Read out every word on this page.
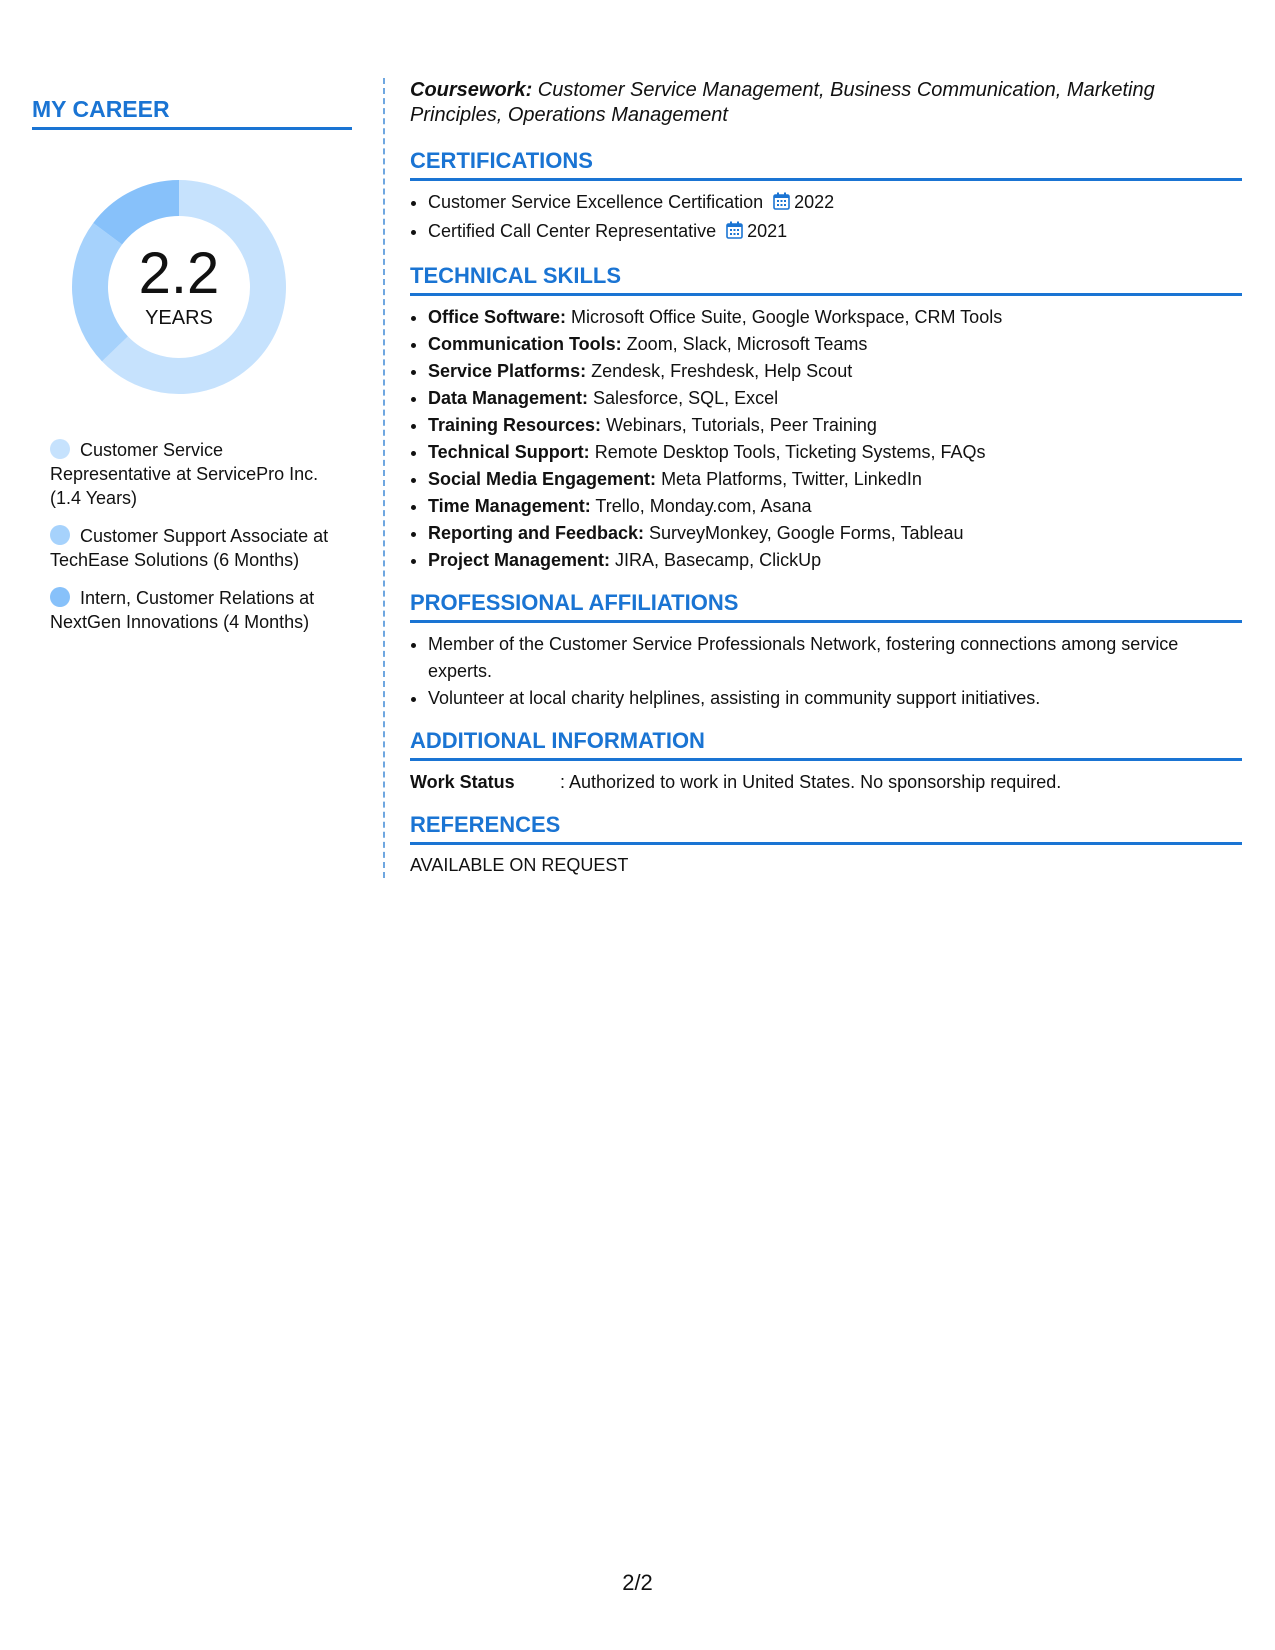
MY CAREER
2.2
YEARS
Customer Service Representative at ServicePro Inc. (1.4 Years)
Customer Support Associate at TechEase Solutions (6 Months)
Intern, Customer Relations at NextGen Innovations (4 Months)

Coursework: Customer Service Management, Business Communication, Marketing Principles, Operations Management

CERTIFICATIONS
• Customer Service Excellence Certification 2022
• Certified Call Center Representative 2021
TECHNICAL SKILLS
• Office Software: Microsoft Office Suite, Google Workspace, CRM Tools
• Communication Tools: Zoom, Slack, Microsoft Teams
• Service Platforms: Zendesk, Freshdesk, Help Scout
• Data Management: Salesforce, SQL, Excel
• Training Resources: Webinars, Tutorials, Peer Training
• Technical Support: Remote Desktop Tools, Ticketing Systems, FAQs
• Social Media Engagement: Meta Platforms, Twitter, LinkedIn
• Time Management: Trello, Monday.com, Asana
• Reporting and Feedback: SurveyMonkey, Google Forms, Tableau
• Project Management: JIRA, Basecamp, ClickUp
PROFESSIONAL AFFILIATIONS
• Member of the Customer Service Professionals Network, fostering connections among service experts.
• Volunteer at local charity helplines, assisting in community support initiatives.
ADDITIONAL INFORMATION
Work Status	: Authorized to work in United States. No sponsorship required.
REFERENCES

AVAILABLE ON REQUEST

2/2
